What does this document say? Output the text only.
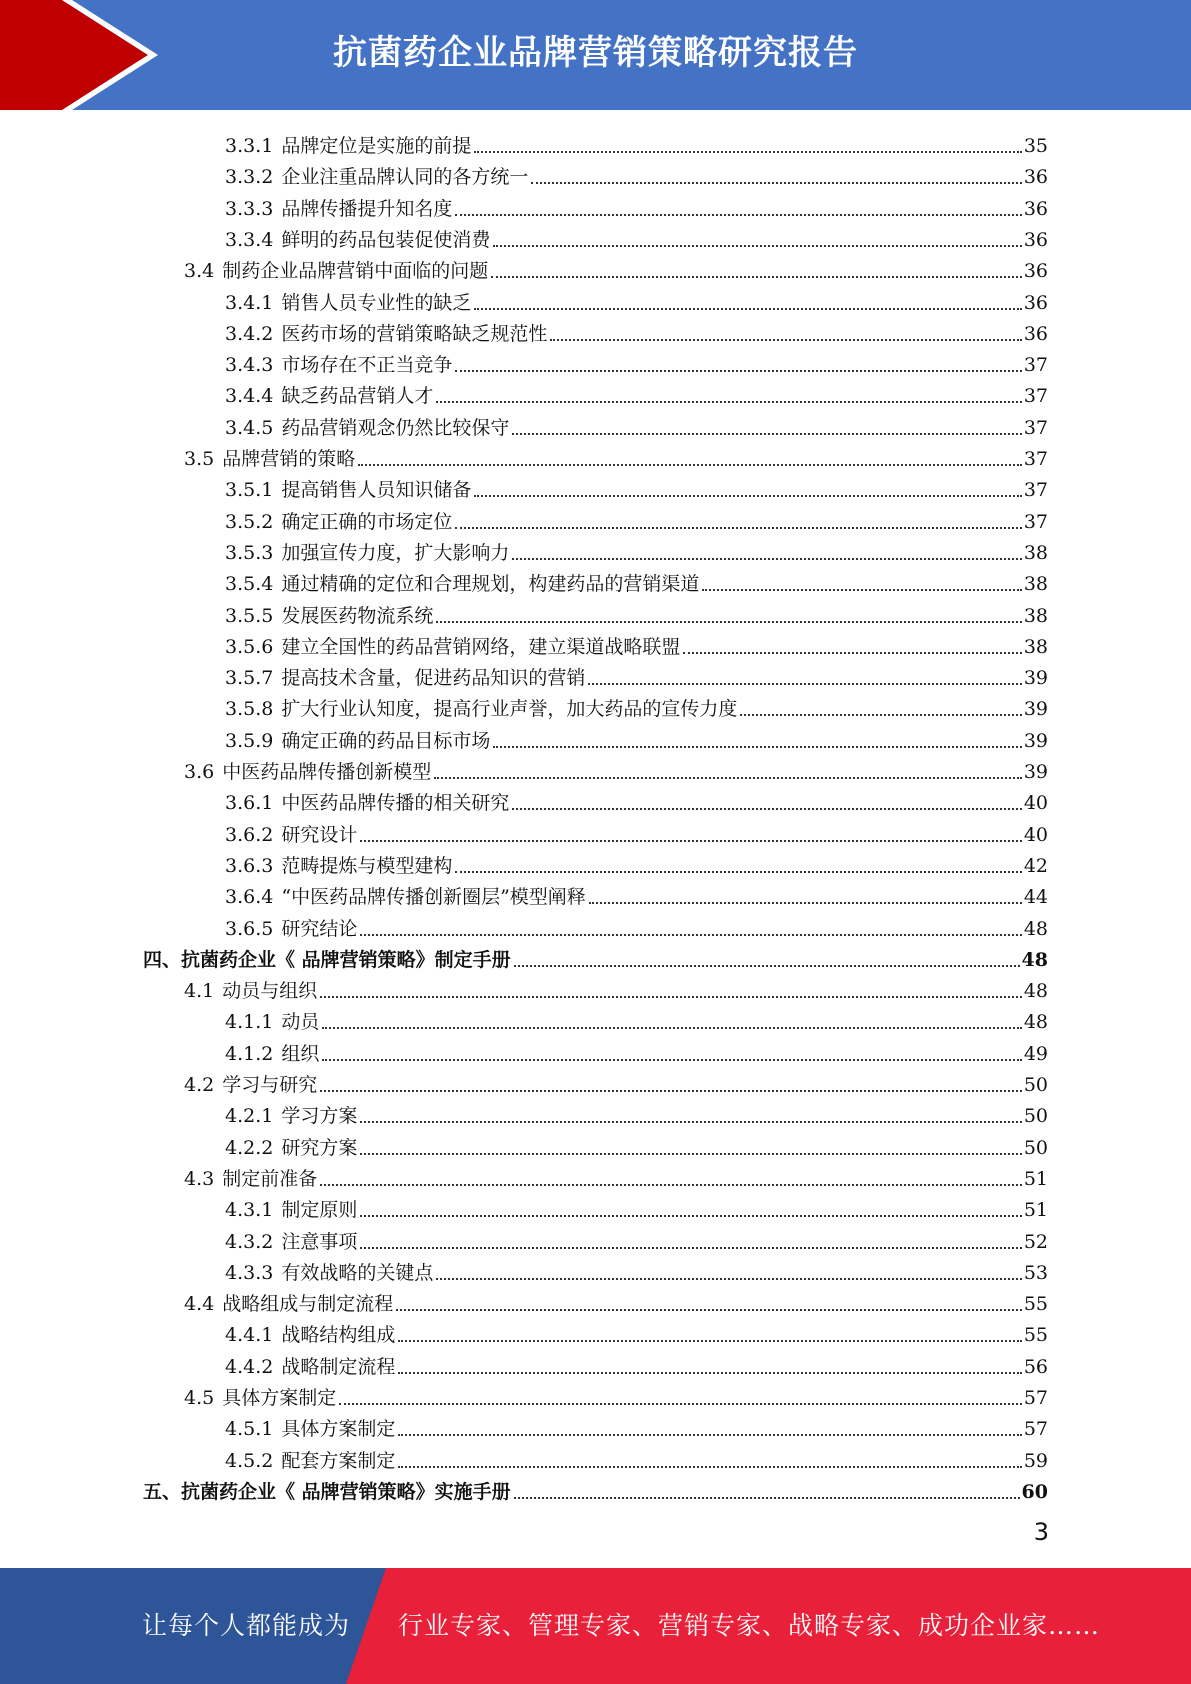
抗菌药企业品牌营销策略研究报告
3.3.1 品牌定位是实施的前提	35
3.3.2 企业注重品牌认同的各方统一	36
3.3.3 品牌传播提升知名度	36
3.3.4 鲜明的药品包装促使消费	36
3.4 制药企业品牌营销中面临的问题	36
3.4.1 销售人员专业性的缺乏	36
3.4.2 医药市场的营销策略缺乏规范性	36
3.4.3 市场存在不正当竞争	37
3.4.4 缺乏药品营销人才	37
3.4.5 药品营销观念仍然比较保守	37
3.5 品牌营销的策略	37
3.5.1 提高销售人员知识储备	37
3.5.2 确定正确的市场定位	37
3.5.3 加强宣传力度，扩大影响力	38
3.5.4 通过精确的定位和合理规划，构建药品的营销渠道	38
3.5.5 发展医药物流系统	38
3.5.6 建立全国性的药品营销网络，建立渠道战略联盟	38
3.5.7 提高技术含量，促进药品知识的营销	39
3.5.8 扩大行业认知度，提高行业声誉，加大药品的宣传力度	39
3.5.9 确定正确的药品目标市场	39
3.6 中医药品牌传播创新模型	39
3.6.1 中医药品牌传播的相关研究	40
3.6.2 研究设计	40
3.6.3 范畴提炼与模型建构	42
3.6.4 “中医药品牌传播创新圈层”模型阐释	44
3.6.5 研究结论	48
四、 抗菌药企业《 品牌营销策略》制定手册	48
4.1 动员与组织	48
4.1.1 动员	48
4.1.2 组织	49
4.2 学习与研究	50
4.2.1 学习方案	50
4.2.2 研究方案	50
4.3 制定前准备	51
4.3.1 制定原则	51
4.3.2 注意事项	52
4.3.3 有效战略的关键点	53
4.4 战略组成与制定流程	55
4.4.1 战略结构组成	55
4.4.2 战略制定流程	56
4.5 具体方案制定	57
4.5.1 具体方案制定	57
4.5.2 配套方案制定	59
五、 抗菌药企业《 品牌营销策略》实施手册	60
3
让每个人都能成为 行业专家、管理专家、营销专家、战略专家、成功企业家……
